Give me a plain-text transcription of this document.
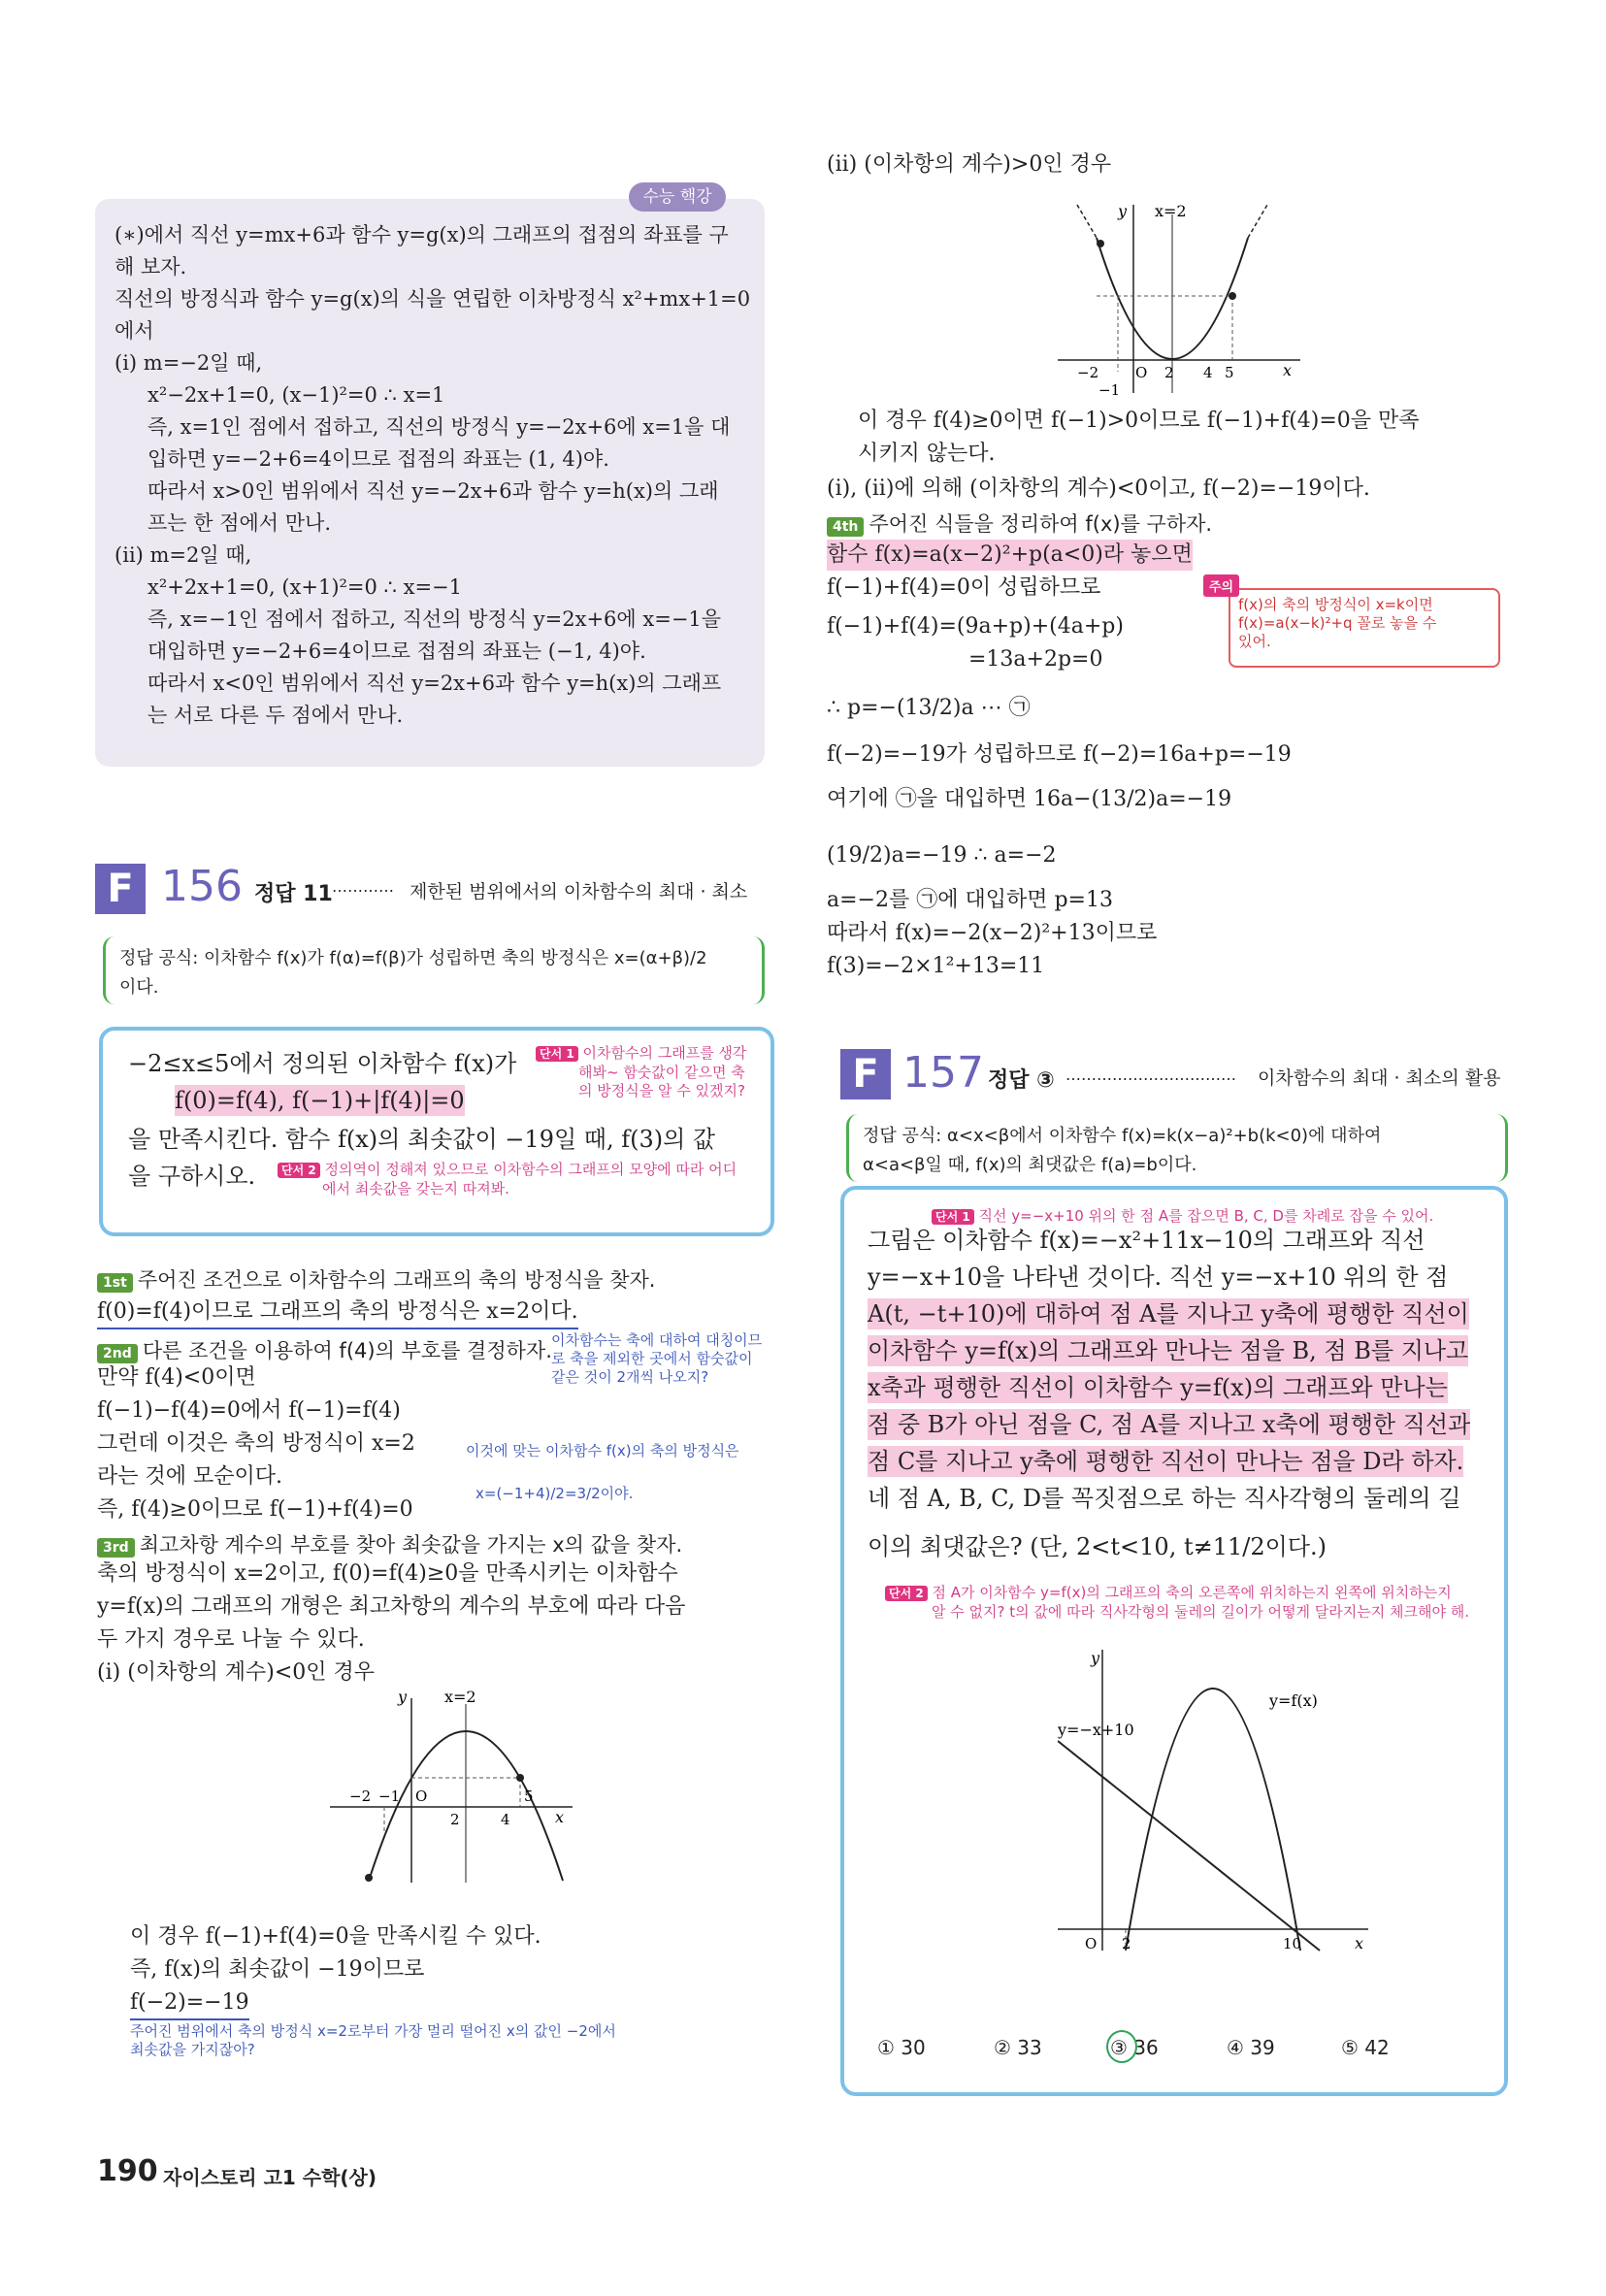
수능 핵강
(∗)에서 직선 y=mx+6과 함수 y=g(x)의 그래프의 접점의 좌표를 구
해 보자.
직선의 방정식과 함수 y=g(x)의 식을 연립한 이차방정식 x²+mx+1=0
에서
(ⅰ) m=−2일 때,
x²−2x+1=0, (x−1)²=0 ∴ x=1
즉, x=1인 점에서 접하고, 직선의 방정식 y=−2x+6에 x=1을 대
입하면 y=−2+6=4이므로 접점의 좌표는 (1, 4)야.
따라서 x>0인 범위에서 직선 y=−2x+6과 함수 y=h(x)의 그래
프는 한 점에서 만나.
(ⅱ) m=2일 때,
x²+2x+1=0, (x+1)²=0 ∴ x=−1
즉, x=−1인 점에서 접하고, 직선의 방정식 y=2x+6에 x=−1을
대입하면 y=−2+6=4이므로 접점의 좌표는 (−1, 4)야.
따라서 x<0인 범위에서 직선 y=2x+6과 함수 y=h(x)의 그래프
는 서로 다른 두 점에서 만나.
F 156 정답 11 ………… 제한된 범위에서의 이차함수의 최대 · 최소
정답 공식: 이차함수 f(x)가 f(α)=f(β)가 성립하면 축의 방정식은 x=(α+β)/2
이다.
−2≤x≤5에서 정의된 이차함수 f(x)가
f(0)=f(4), f(−1)+|f(4)|=0
을 만족시킨다. 함수 f(x)의 최솟값이 −19일 때, f(3)의 값
을 구하시오.
단서 1 이차함수의 그래프를 생각
해봐~ 함숫값이 같으면 축
의 방정식을 알 수 있겠지?
단서 2 정의역이 정해져 있으므로 이차함수의 그래프의 모양에 따라 어디
에서 최솟값을 갖는지 따져봐.
1st 주어진 조건으로 이차함수의 그래프의 축의 방정식을 찾자.
f(0)=f(4)이므로 그래프의 축의 방정식은 x=2이다.
2nd 다른 조건을 이용하여 f(4)의 부호를 결정하자. 이차함수는 축에 대하여 대칭이므
로 축을 제외한 곳에서 함숫값이
같은 것이 2개씩 나오지?
만약 f(4)<0이면
f(−1)−f(4)=0에서 f(−1)=f(4)
그런데 이것은 축의 방정식이 x=2
라는 것에 모순이다.
즉, f(4)≥0이므로 f(−1)+f(4)=0
이것에 맞는 이차함수 f(x)의 축의 방정식은
x=(−1+4)/2=3/2이야.
3rd 최고차항 계수의 부호를 찾아 최솟값을 가지는 x의 값을 찾자.
축의 방정식이 x=2이고, f(0)=f(4)≥0을 만족시키는 이차함수
y=f(x)의 그래프의 개형은 최고차항의 계수의 부호에 따라 다음
두 가지 경우로 나눌 수 있다.
(ⅰ) (이차항의 계수)<0인 경우
y x=2
x
−2 −1 O
2	4
5
이 경우 f(−1)+f(4)=0을 만족시킬 수 있다.
즉, f(x)의 최솟값이 −19이므로
f(−2)=−19
주어진 범위에서 축의 방정식 x=2로부터 가장 멀리 떨어진 x의 값인 −2에서
최솟값을 가지잖아?
(ⅱ) (이차항의 계수)>0인 경우
y x=2
x
−2	O 2 4 5
−1
이 경우 f(4)≥0이면 f(−1)>0이므로 f(−1)+f(4)=0을 만족
시키지 않는다.
(ⅰ), (ⅱ)에 의해 (이차항의 계수)<0이고, f(−2)=−19이다.
4th 주어진 식들을 정리하여 f(x)를 구하자.
함수 f(x)=a(x−2)²+p(a<0)라 놓으면
f(−1)+f(4)=0이 성립하므로
f(−1)+f(4)=(9a+p)+(4a+p)
=13a+2p=0
∴ p=−(13/2)a ⋯ ㉠
f(−2)=−19가 성립하므로 f(−2)=16a+p=−19
여기에 ㉠을 대입하면 16a−(13/2)a=−19
(19/2)a=−19 ∴ a=−2
a=−2를 ㉠에 대입하면 p=13
따라서 f(x)=−2(x−2)²+13이므로
f(3)=−2×1²+13=11
f(x)의 축의 방정식이 x=k이면
f(x)=a(x−k)²+q 꼴로 놓을 수
있어.
주의
F 157 정답 ③ …………………………… 이차함수의 최대 · 최소의 활용
정답 공식: α<x<β에서 이차함수 f(x)=k(x−a)²+b(k<0)에 대하여
α<a<β일 때, f(x)의 최댓값은 f(a)=b이다.
단서 1 직선 y=−x+10 위의 한 점 A를 잡으면 B, C, D를 차례로 잡을 수 있어.
그림은 이차함수 f(x)=−x²+11x−10의 그래프와 직선
y=−x+10을 나타낸 것이다. 직선 y=−x+10 위의 한 점
A(t, −t+10)에 대하여 점 A를 지나고 y축에 평행한 직선이
이차함수 y=f(x)의 그래프와 만나는 점을 B, 점 B를 지나고
x축과 평행한 직선이 이차함수 y=f(x)의 그래프와 만나는
점 중 B가 아닌 점을 C, 점 A를 지나고 x축에 평행한 직선과
점 C를 지나고 y축에 평행한 직선이 만나는 점을 D라 하자.
네 점 A, B, C, D를 꼭짓점으로 하는 직사각형의 둘레의 길
이의 최댓값은? (단, 2<t<10, t≠11/2이다.)
단서 2 점 A가 이차함수 y=f(x)의 그래프의 축의 오른쪽에 위치하는지 왼쪽에 위치하는지
알 수 없지? t의 값에 따라 직사각형의 둘레의 길이가 어떻게 달라지는지 체크해야 해.
y
x
y=f(x)
y=−x+10
O 2	10
① 30	② 33	③ 36	④ 39	⑤ 42
190 자이스토리 고1 수학(상)
